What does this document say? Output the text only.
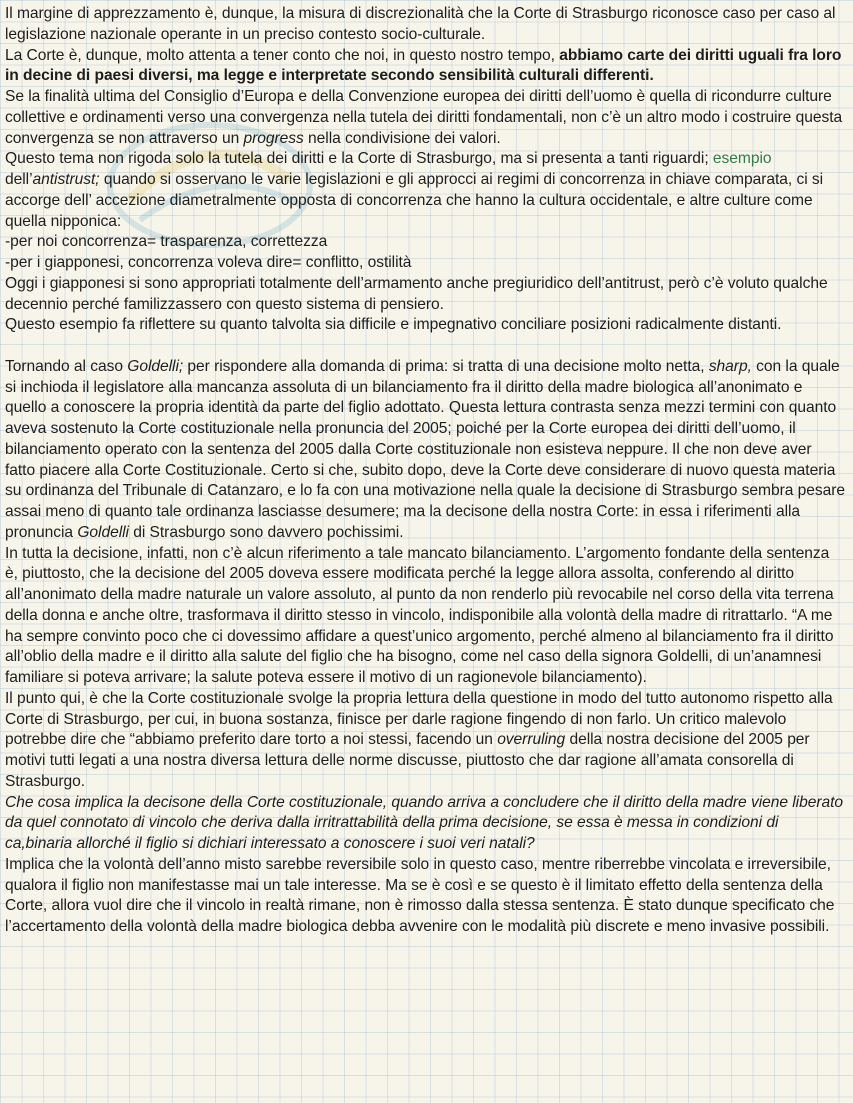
Il margine di apprezzamento è, dunque, la misura di discrezionalità che la Corte di Strasburgo riconosce caso per caso al legislazione nazionale operante in un preciso contesto socio-culturale.

La Corte è, dunque, molto attenta a tener conto che noi, in questo nostro tempo, abbiamo carte dei diritti uguali fra loro in decine di paesi diversi, ma legge e interpretate secondo sensibilità culturali differenti.

Se la finalità ultima del Consiglio d’Europa e della Convenzione europea dei diritti dell’uomo è quella di ricondurre culture collettive e ordinamenti verso una convergenza nella tutela dei diritti fondamentali, non c’è un altro modo i costruire questa convergenza se non attraverso un progress nella condivisione dei valori.

Questo tema non rigoda solo la tutela dei diritti e la Corte di Strasburgo, ma si presenta a tanti riguardi; esempio dell’antistrust; quando si osservano le varie legislazioni e gli approcci ai regimi di concorrenza in chiave comparata, ci si accorge dell’ accezione diametralmente opposta di concorrenza che hanno la cultura occidentale, e altre culture come quella nipponica:

-per noi concorrenza= trasparenza, correttezza

-per i giapponesi, concorrenza voleva dire= conflitto, ostilità

Oggi i giapponesi si sono appropriati totalmente dell’armamento anche pregiuridico dell’antitrust, però c’è voluto qualche decennio perché familizzassero con questo sistema di pensiero.

Questo esempio fa riflettere su quanto talvolta sia difficile e impegnativo conciliare posizioni radicalmente distanti.

Tornando al caso Goldelli; per rispondere alla domanda di prima: si tratta di una decisione molto netta, sharp, con la quale si inchioda il legislatore alla mancanza assoluta di un bilanciamento fra il diritto della madre biologica all’anonimato e quello a conoscere la propria identità da parte del figlio adottato. Questa lettura contrasta senza mezzi termini con quanto aveva sostenuto la Corte costituzionale nella pronuncia del 2005; poiché per la Corte europea dei diritti dell’uomo, il bilanciamento operato con la sentenza del 2005 dalla Corte costituzionale non esisteva neppure. Il che non deve aver fatto piacere alla Corte Costituzionale. Certo si che, subito dopo, deve la Corte deve considerare di nuovo questa materia su ordinanza del Tribunale di Catanzaro, e lo fa con una motivazione nella quale la decisione di Strasburgo sembra pesare assai meno di quanto tale ordinanza lasciasse desumere; ma la decisone della nostra Corte: in essa i riferimenti alla pronuncia Goldelli di Strasburgo sono davvero pochissimi.

In tutta la decisione, infatti, non c’è alcun riferimento a tale mancato bilanciamento. L’argomento fondante della sentenza è, piuttosto, che la decisione del 2005 doveva essere modificata perché la legge allora assolta, conferendo al diritto all’anonimato della madre naturale un valore assoluto, al punto da non renderlo più revocabile nel corso della vita terrena della donna e anche oltre, trasformava il diritto stesso in vincolo, indisponibile alla volontà della madre di ritrattarlo. “A me ha sempre convinto poco che ci dovessimo affidare a quest’unico argomento, perché almeno al bilanciamento fra il diritto all’oblio della madre e il diritto alla salute del figlio che ha bisogno, come nel caso della signora Goldelli, di un’anamnesi familiare si poteva arrivare; la salute poteva essere il motivo di un ragionevole bilanciamento).

Il punto qui, è che la Corte costituzionale svolge la propria lettura della questione in modo del tutto autonomo rispetto alla Corte di Strasburgo, per cui, in buona sostanza, finisce per darle ragione fingendo di non farlo. Un critico malevolo potrebbe dire che “abbiamo preferito dare torto a noi stessi, facendo un overruling della nostra decisione del 2005 per motivi tutti legati a una nostra diversa lettura delle norme discusse, piuttosto che dar ragione all’amata consorella di Strasburgo.

Che cosa implica la decisone della Corte costituzionale, quando arriva a concludere che il diritto della madre viene liberato da quel connotato di vincolo che deriva dalla irritrattabilità della prima decisione, se essa è messa in condizioni di ca,binaria allorché il figlio si dichiari interessato a conoscere i suoi veri natali?

Implica che la volontà dell’anno misto sarebbe reversibile solo in questo caso, mentre riberrebbe vincolata e irreversibile, qualora il figlio non manifestasse mai un tale interesse. Ma se è così e se questo è il limitato effetto della sentenza della Corte, allora vuol dire che il vincolo in realtà rimane, non è rimosso dalla stessa sentenza. È stato dunque specificato che l’accertamento della volontà della madre biologica debba avvenire con le modalità più discrete e meno invasive possibili.
